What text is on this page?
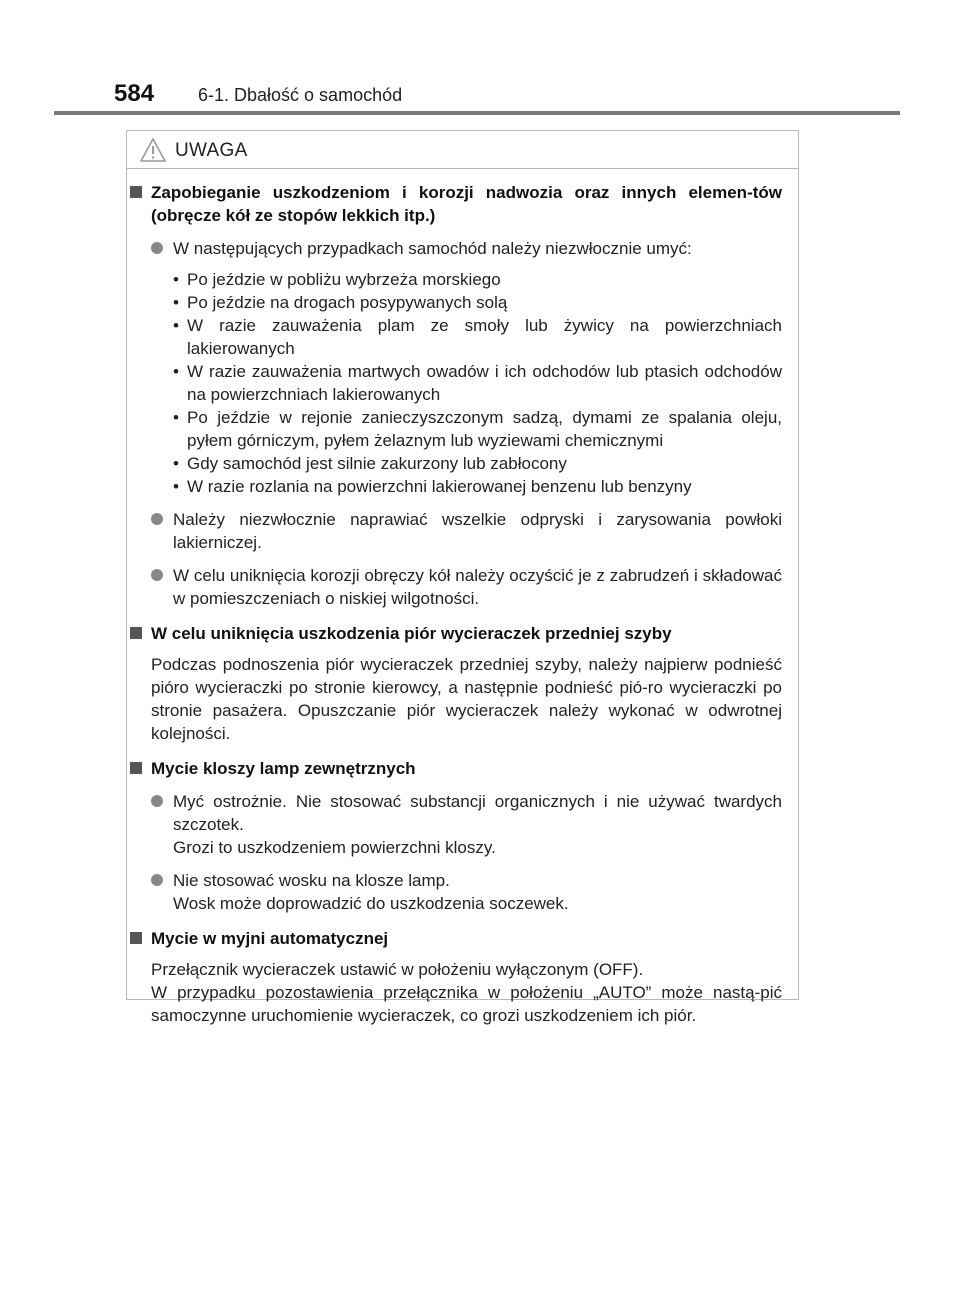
584 6-1. Dbałość o samochód
UWAGA
Zapobieganie uszkodzeniom i korozji nadwozia oraz innych elemen-tów (obręcze kół ze stopów lekkich itp.)
W następujących przypadkach samochód należy niezwłocznie umyć:
• Po jeździe w pobliżu wybrzeża morskiego
• Po jeździe na drogach posypywanych solą
• W razie zauważenia plam ze smoły lub żywicy na powierzchniach lakierowanych
• W razie zauważenia martwych owadów i ich odchodów lub ptasich odchodów na powierzchniach lakierowanych
• Po jeździe w rejonie zanieczyszczonym sadzą, dymami ze spalania oleju, pyłem górniczym, pyłem żelaznym lub wyziewami chemicznymi
• Gdy samochód jest silnie zakurzony lub zabłocony
• W razie rozlania na powierzchni lakierowanej benzenu lub benzyny
Należy niezwłocznie naprawiać wszelkie odpryski i zarysowania powłoki lakierniczej.
W celu uniknięcia korozji obręczy kół należy oczyścić je z zabrudzeń i składować w pomieszczeniach o niskiej wilgotności.
W celu uniknięcia uszkodzenia piór wycieraczek przedniej szyby
Podczas podnoszenia piór wycieraczek przedniej szyby, należy najpierw podnieść pióro wycieraczki po stronie kierowcy, a następnie podnieść pió-ro wycieraczki po stronie pasażera. Opuszczanie piór wycieraczek należy wykonać w odwrotnej kolejności.
Mycie kloszy lamp zewnętrznych
Myć ostrożnie. Nie stosować substancji organicznych i nie używać twardych szczotek.
Grozi to uszkodzeniem powierzchni kloszy.
Nie stosować wosku na klosze lamp.
Wosk może doprowadzić do uszkodzenia soczewek.
Mycie w myjni automatycznej
Przełącznik wycieraczek ustawić w położeniu wyłączonym (OFF).
W przypadku pozostawienia przełącznika w położeniu „AUTO” może nastą-pić samoczynne uruchomienie wycieraczek, co grozi uszkodzeniem ich piór.
